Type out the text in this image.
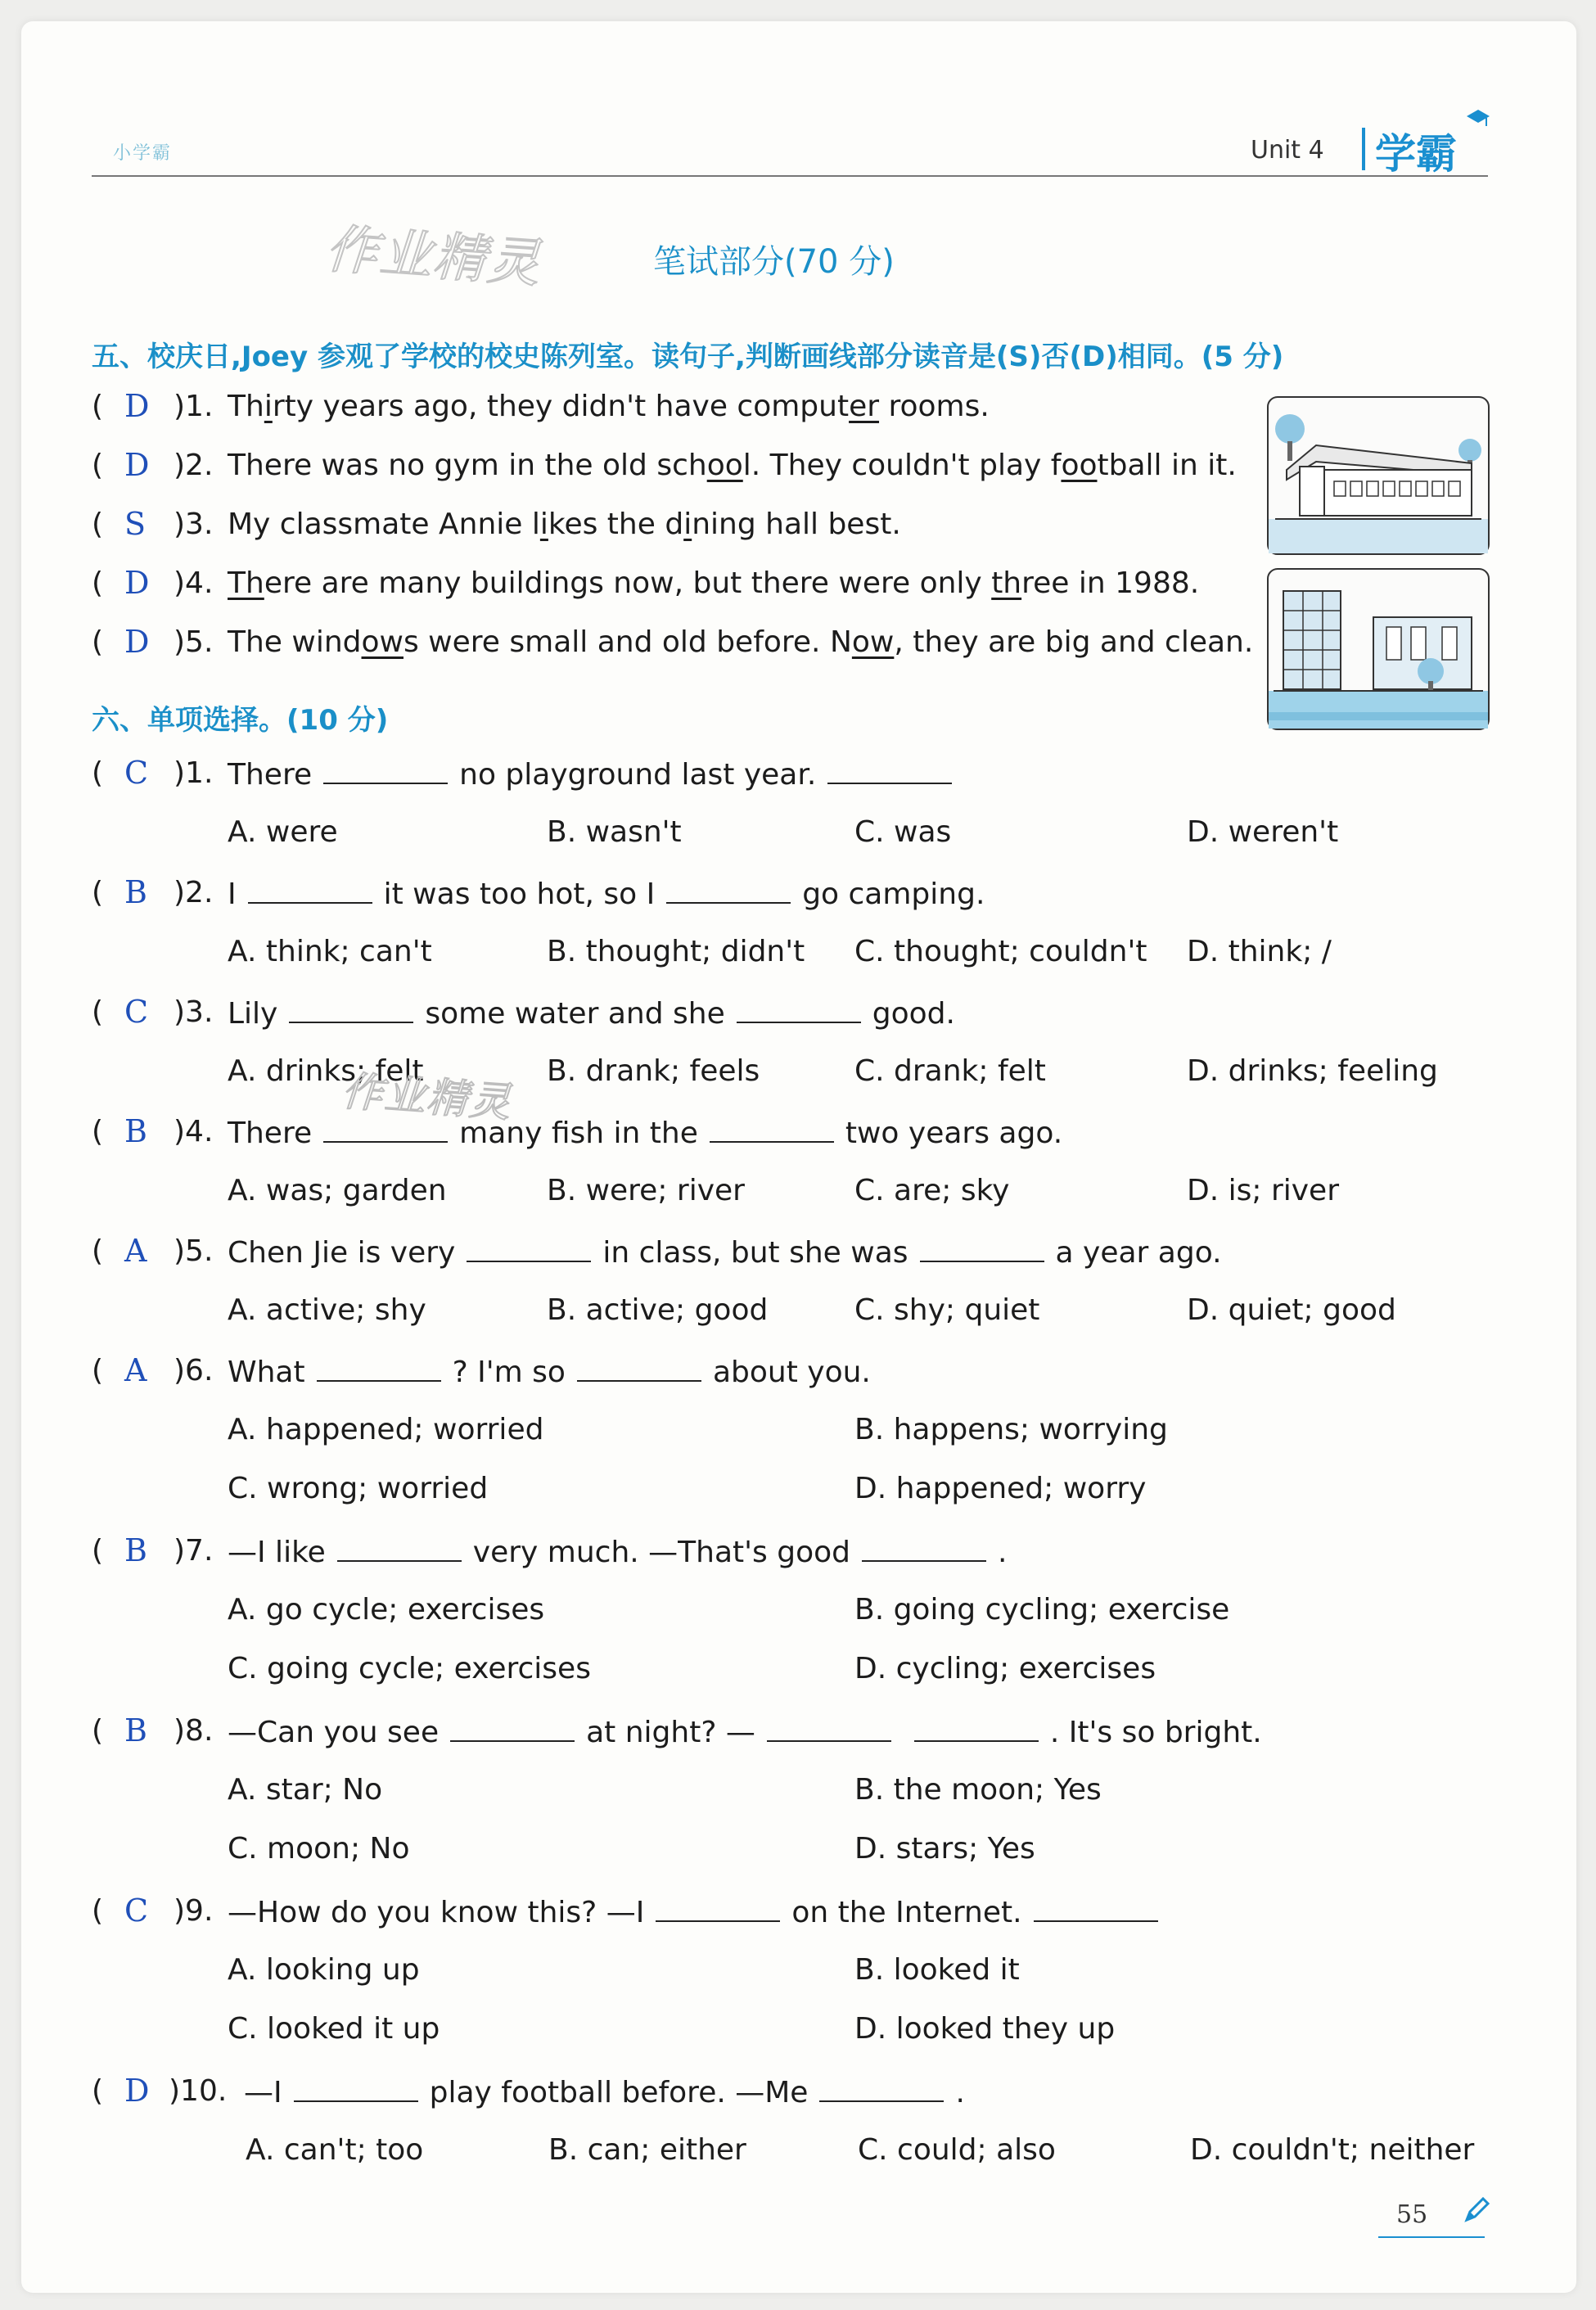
小学霸	Unit 4 学霸
作业精灵	笔试部分(70 分)
五、校庆日,Joey 参观了学校的校史陈列室。读句子,判断画线部分读音是(S)否(D)相同。(5 分)
( D )1. Thirty years ago, they didn't have computer rooms.
( D )2. There was no gym in the old school. They couldn't play football in it.
( S )3. My classmate Annie likes the dining hall best.
( D )4. There are many buildings now, but there were only three in 1988.
( D )5. The windows were small and old before. Now, they are big and clean.
六、单项选择。(10 分)
( C )1. There	no playground last year.
A. were	B. wasn't	C. was	D. weren't
( B )2. I	it was too hot, so I	go camping.
A. think; can't	B. thought; didn't C. thought; couldn't D. think; /
( C )3. Lily	some water and she	good.
A. drinks; felt	B. drank; feels	C. drank; felt	D. drinks; feeling
( B )4. There	many fish in the	two years ago.
A. was; garden	B. were; river	C. are; sky	D. is; river
( A )5. Chen Jie is very	in class, but she was	a year ago.
A. active; shy	B. active; good	C. shy; quiet	D. quiet; good
( A )6. What	? I'm so	about you.
A. happened; worried	B. happens; worrying
C. wrong; worried	D. happened; worry
( B )7. —I like	very much. —That's good	.
A. go cycle; exercises	B. going cycling; exercise
C. going cycle; exercises	D. cycling; exercises
( B )8. —Can you see	at night? —	. It's so bright.
A. star; No	B. the moon; Yes
C. moon; No	D. stars; Yes
( C )9. —How do you know this? —I	on the Internet.
A. looking up	B. looked it
C. looked it up	D. looked they up
( D )10. —I	play football before. —Me	.
A. can't; too	B. can; either	C. could; also	D. couldn't; neither
作业精灵
55
